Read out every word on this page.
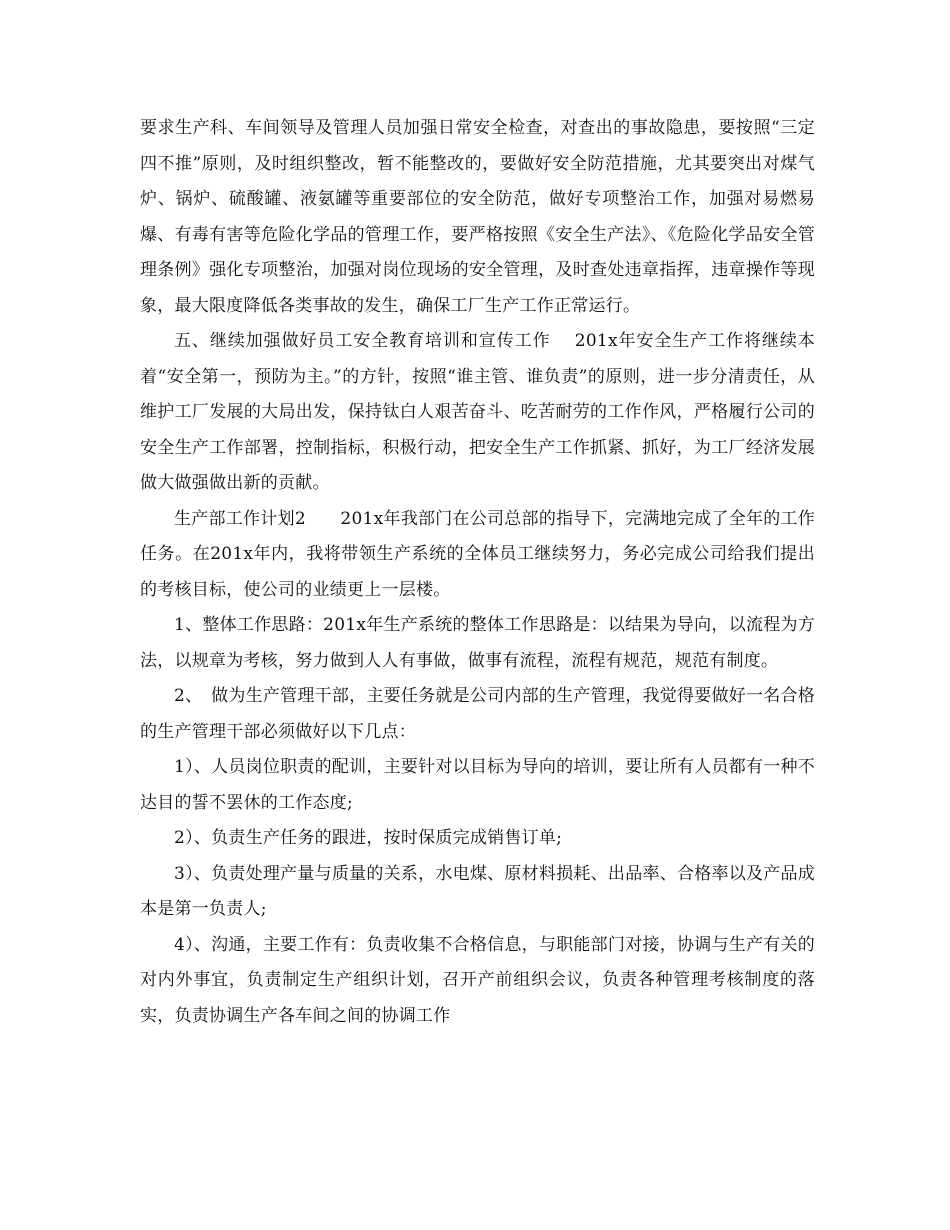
要求生产科、车间领导及管理人员加强日常安全检查，对查出的事故隐患，要按照“三定四不推”原则，及时组织整改，暂不能整改的，要做好安全防范措施，尤其要突出对煤气炉、锅炉、硫酸罐、液氨罐等重要部位的安全防范，做好专项整治工作，加强对易燃易爆、有毒有害等危险化学品的管理工作，要严格按照《安全生产法》、《危险化学品安全管理条例》强化专项整治，加强对岗位现场的安全管理，及时查处违章指挥，违章操作等现象，最大限度降低各类事故的发生，确保工厂生产工作正常运行。

五、继续加强做好员工安全教育培训和宣传工作　 201x年安全生产工作将继续本着“安全第一，预防为主。”的方针，按照“谁主管、谁负责”的原则，进一步分清责任，从维护工厂发展的大局出发，保持钛白人艰苦奋斗、吃苦耐劳的工作作风，严格履行公司的安全生产工作部署，控制指标，积极行动，把安全生产工作抓紧、抓好，为工厂经济发展做大做强做出新的贡献。

生产部工作计划2　　201x年我部门在公司总部的指导下，完满地完成了全年的工作任务。在201x年内，我将带领生产系统的全体员工继续努力，务必完成公司给我们提出的考核目标，使公司的业绩更上一层楼。

1、整体工作思路：201x年生产系统的整体工作思路是：以结果为导向，以流程为方法，以规章为考核，努力做到人人有事做，做事有流程，流程有规范，规范有制度。

2、　做为生产管理干部，主要任务就是公司内部的生产管理，我觉得要做好一名合格的生产管理干部必须做好以下几点：

1）、人员岗位职责的配训，主要针对以目标为导向的培训，要让所有人员都有一种不达目的誓不罢休的工作态度;

2）、负责生产任务的跟进，按时保质完成销售订单;

3）、负责处理产量与质量的关系，水电煤、原材料损耗、出品率、合格率以及产品成本是第一负责人;

4）、沟通，主要工作有：负责收集不合格信息，与职能部门对接，协调与生产有关的对内外事宜，负责制定生产组织计划，召开产前组织会议，负责各种管理考核制度的落实，负责协调生产各车间之间的协调工作
